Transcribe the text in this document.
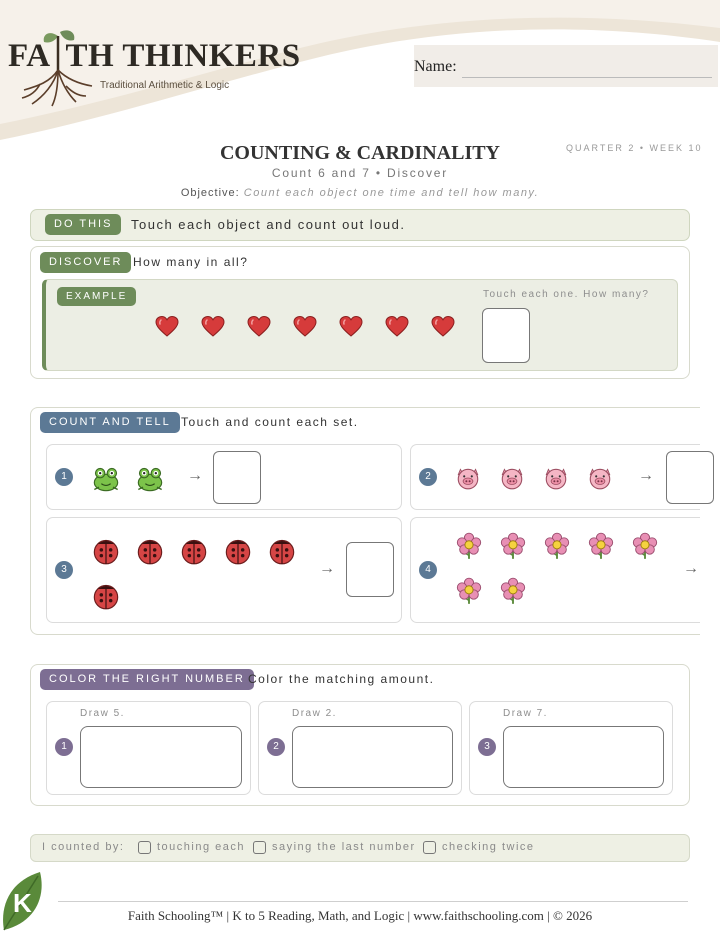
FA TH THINKERS
Traditional Arithmetic & Logic
Name:
COUNTING & CARDINALITY	QUARTER 2 • WEEK 10
Count 6 and 7 • Discover
Objective: Count each object one time and tell how many.
DO THIS	Touch each object and count out loud.
DISCOVER How many in all?
EXAMPLE	Touch each one. How many?
COUNT AND TELL Touch and count each set.
1	→	2	→
3	→	4	→
COLOR THE RIGHT NUMBER Color the matching amount.
Draw 5.
1
Draw 2.
2
Draw 7.
3
I counted by:	touching each saying the last number checking twice
K	Faith Schooling™ | K to 5 Reading, Math, and Logic | www.faithschooling.com | © 2026
